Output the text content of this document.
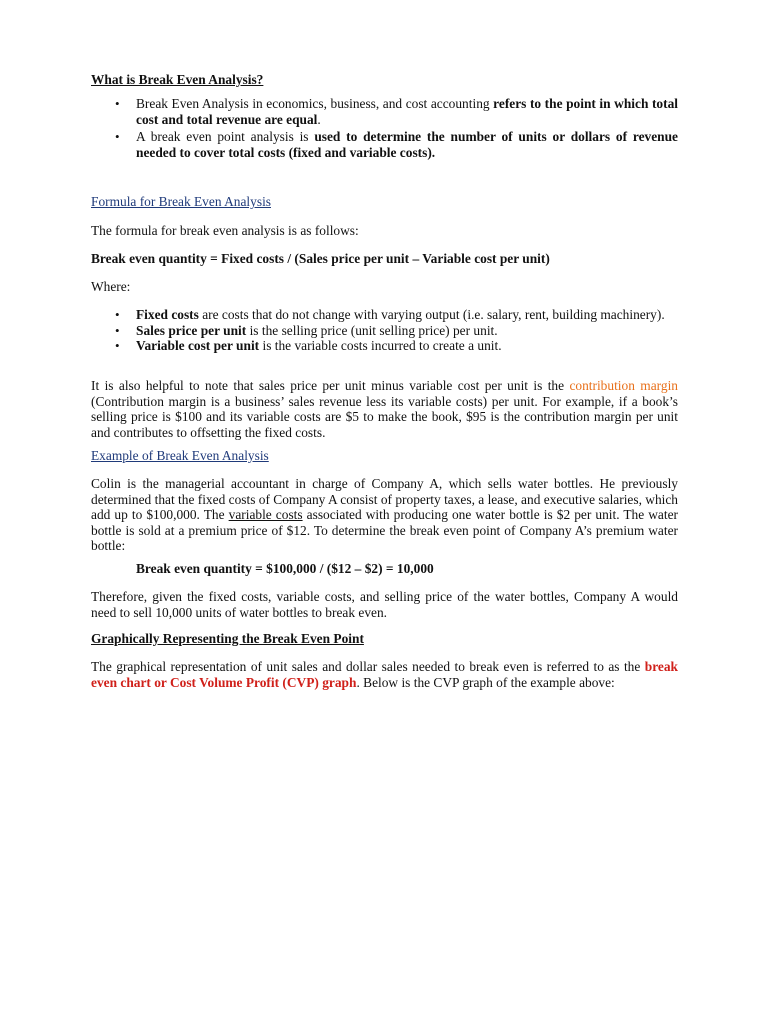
What is Break Even Analysis?

• Break Even Analysis in economics, business, and cost accounting refers to the point in which total cost and total revenue are equal.
• A break even point analysis is used to determine the number of units or dollars of revenue needed to cover total costs (fixed and variable costs).

Formula for Break Even Analysis

The formula for break even analysis is as follows:

Break even quantity = Fixed costs / (Sales price per unit – Variable cost per unit)

Where:

• Fixed costs are costs that do not change with varying output (i.e. salary, rent, building machinery).
• Sales price per unit is the selling price (unit selling price) per unit.
• Variable cost per unit is the variable costs incurred to create a unit.

It is also helpful to note that sales price per unit minus variable cost per unit is the contribution margin (Contribution margin is a business’ sales revenue less its variable costs) per unit. For example, if a book’s selling price is $100 and its variable costs are $5 to make the book, $95 is the contribution margin per unit and contributes to offsetting the fixed costs.

Example of Break Even Analysis

Colin is the managerial accountant in charge of Company A, which sells water bottles. He previously determined that the fixed costs of Company A consist of property taxes, a lease, and executive salaries, which add up to $100,000. The variable costs associated with producing one water bottle is $2 per unit. The water bottle is sold at a premium price of $12. To determine the break even point of Company A’s premium water bottle:

Break even quantity = $100,000 / ($12 – $2) = 10,000

Therefore, given the fixed costs, variable costs, and selling price of the water bottles, Company A would need to sell 10,000 units of water bottles to break even.

Graphically Representing the Break Even Point

The graphical representation of unit sales and dollar sales needed to break even is referred to as the break even chart or Cost Volume Profit (CVP) graph. Below is the CVP graph of the example above:
